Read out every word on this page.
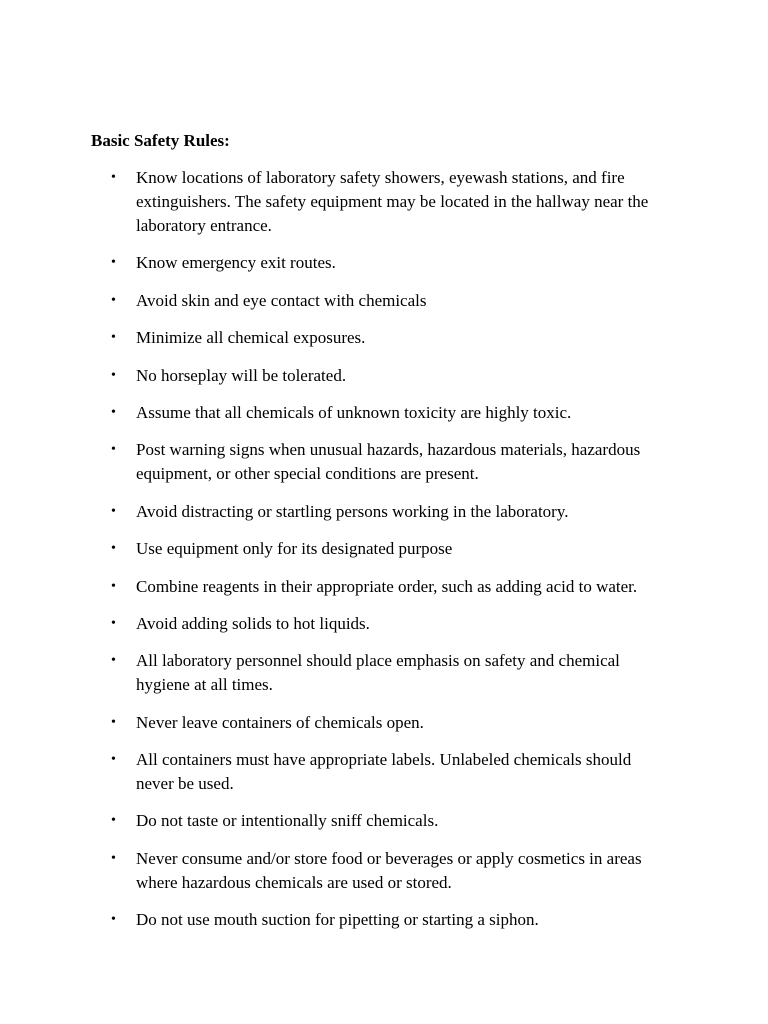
Basic Safety Rules:
• Know locations of laboratory safety showers, eyewash stations, and fire extinguishers. The safety equipment may be located in the hallway near the laboratory entrance.
• Know emergency exit routes.
• Avoid skin and eye contact with chemicals
• Minimize all chemical exposures.
• No horseplay will be tolerated.
• Assume that all chemicals of unknown toxicity are highly toxic.
• Post warning signs when unusual hazards, hazardous materials, hazardous equipment, or other special conditions are present.
• Avoid distracting or startling persons working in the laboratory.
• Use equipment only for its designated purpose
• Combine reagents in their appropriate order, such as adding acid to water.
• Avoid adding solids to hot liquids.
• All laboratory personnel should place emphasis on safety and chemical hygiene at all times.
• Never leave containers of chemicals open.
• All containers must have appropriate labels. Unlabeled chemicals should never be used.
• Do not taste or intentionally sniff chemicals.
• Never consume and/or store food or beverages or apply cosmetics in areas where hazardous chemicals are used or stored.
• Do not use mouth suction for pipetting or starting a siphon.
